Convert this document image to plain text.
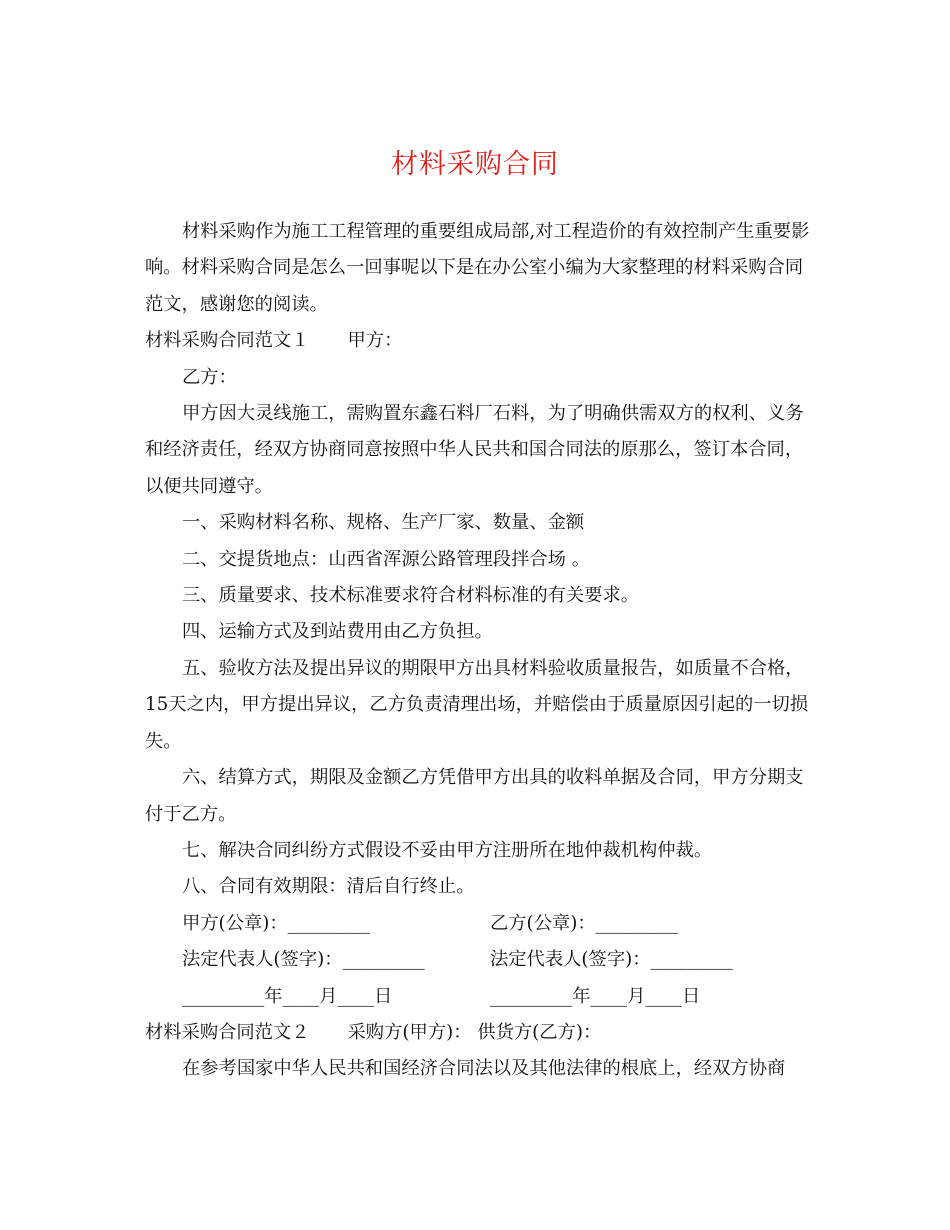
材料采购合同

材料采购作为施工工程管理的重要组成局部,对工程造价的有效控制产生重要影响。材料采购合同是怎么一回事呢以下是在办公室小编为大家整理的材料采购合同范文，感谢您的阅读。

材料采购合同范文１ 甲方：

乙方：

甲方因大灵线施工，需购置东鑫石料厂石料，为了明确供需双方的权利、义务和经济责任，经双方协商同意按照中华人民共和国合同法的原那么，签订本合同，以便共同遵守。

一、采购材料名称、规格、生产厂家、数量、金额

二、交提货地点：山西省浑源公路管理段拌合场 。

三、质量要求、技术标准要求符合材料标准的有关要求。

四、运输方式及到站费用由乙方负担。

五、验收方法及提出异议的期限甲方出具材料验收质量报告，如质量不合格，15天之内，甲方提出异议，乙方负责清理出场，并赔偿由于质量原因引起的一切损失。

六、结算方式，期限及金额乙方凭借甲方出具的收料单据及合同，甲方分期支付于乙方。

七、解决合同纠纷方式假设不妥由甲方注册所在地仲裁机构仲裁。

八、合同有效期限：清后自行终止。

甲方(公章)：_________	乙方(公章)：_________
法定代表人(签字)：_________	法定代表人(签字)：_________
_________年____月____日	_________年____月____日

材料采购合同范文２ 采购方(甲方)： 供货方(乙方)：

在参考国家中华人民共和国经济合同法以及其他法律的根底上，经双方协商
